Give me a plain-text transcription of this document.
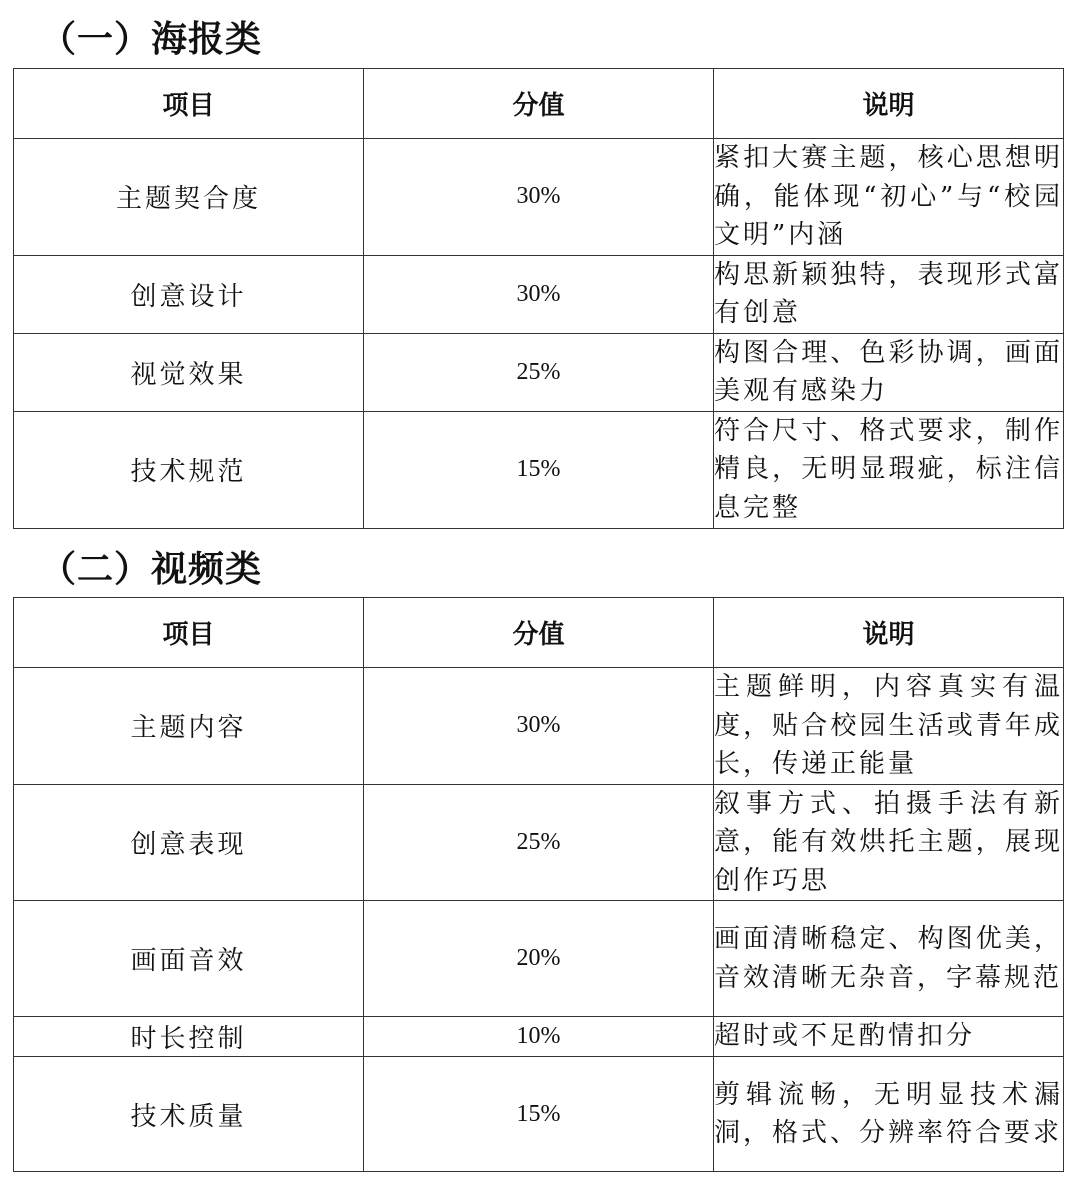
（一）海报类
项目	分值	说明
主题契合度	30%	紧扣大赛主题，核心思想明确，能体现“初心”与“校园文明”内涵
创意设计	30%	构思新颖独特，表现形式富有创意
视觉效果	25%	构图合理、色彩协调，画面美观有感染力
技术规范	15%	符合尺寸、格式要求，制作精良，无明显瑕疵，标注信息完整
（二）视频类
项目	分值	说明
主题内容	30%	主题鲜明，内容真实有温度，贴合校园生活或青年成长，传递正能量
创意表现	25%	叙事方式、拍摄手法有新意，能有效烘托主题，展现创作巧思
画面音效	20%	画面清晰稳定、构图优美，音效清晰无杂音，字幕规范
时长控制	10%	超时或不足酌情扣分
技术质量	15%	剪辑流畅，无明显技术漏洞，格式、分辨率符合要求
